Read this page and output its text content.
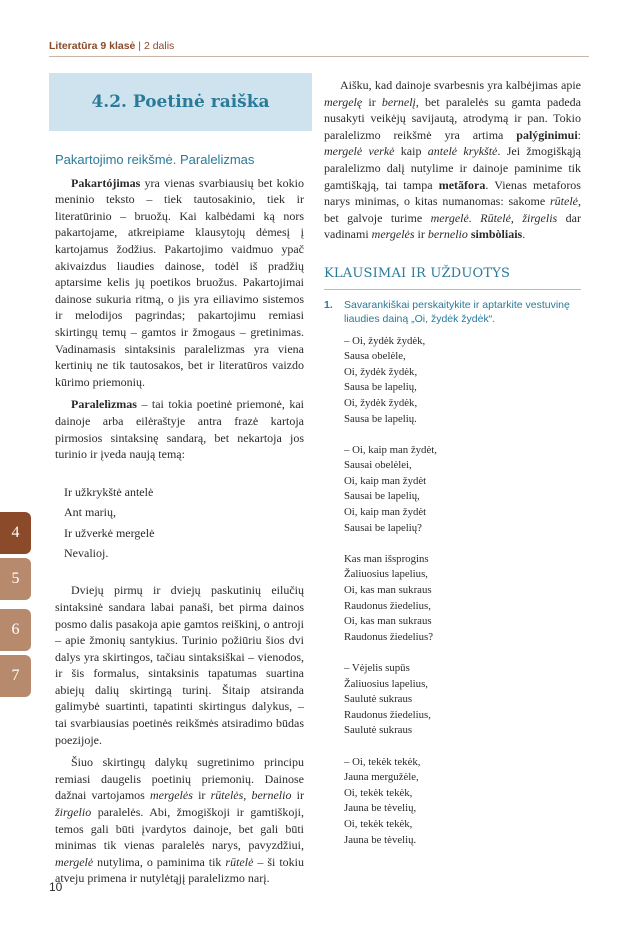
Literatūra 9 klasė | 2 dalis
4.2. Poetinė raiška

Pakartojimo reikšmė. Paralelizmas

Pakartójimas yra vienas svarbiausių bet kokio meninio teksto – tiek tautosakinio, tiek ir literatūrinio – bruožų. Kai kalbėdami ką nors pakartojame, atkreipiame klausytojų dėmesį į kartojamus žodžius. Pakartojimo vaidmuo ypač akivaizdus liaudies dainose, todėl iš pradžių aptarsime kelis jų poetikos bruožus. Pakartojimai dainose sukuria ritmą, o jis yra eiliavimo sistemos ir melodijos pagrindas; pakartojimu remiasi skirtingų temų – gamtos ir žmogaus – gretinimas. Vadinamasis sintaksinis paralelizmas yra viena kertinių ne tik tautosakos, bet ir literatūros vaizdo kūrimo priemonių.

Paralelìzmas – tai tokia poetinė priemonė, kai dainoje arba eilėraštyje antra frazė kartoja pirmosios sintaksinę sandarą, bet nekartoja jos turinio ir įveda naują temą:

Ir užkrykštė antelė
Ant marių,
Ir užverkė mergelė
Nevalioj.

Dviejų pirmų ir dviejų paskutinių eilučių sintaksinė sandara labai panaši, bet pirma dainos posmo dalis pasakoja apie gamtos reiškinį, o antroji – apie žmonių santykius. Turinio požiūriu šios dvi dalys yra skirtingos, tačiau sintaksiškai – vienodos, ir šis formalus, sintaksinis tapatumas suartina abiejų dalių skirtingą turinį. Šitaip atsiranda galimybė suartinti, tapatinti skirtingus dalykus, – tai svarbiausias poetinės reikšmės atsiradimo būdas poezijoje.

Šiuo skirtingų dalykų sugretinimo principu remiasi daugelis poetinių priemonių. Dainose dažnai vartojamos mergelės ir rūtelės, bernelio ir žirgelio paralelės. Abi, žmogiškoji ir gamtiškoji, temos gali būti įvardytos dainoje, bet gali būti minimas tik vienas paralelės narys, pavyzdžiui, mergelė nutylima, o paminima tik rūtelė – ši tokiu atveju primena ir nutylėtąjį paralelizmo narį.

Aišku, kad dainoje svarbesnis yra kalbėjimas apie mergelę ir bernelį, bet paralelės su gamta padeda nusakyti veikėjų savijautą, atrodymą ir pan. Tokio paralelizmo reikšmė yra artima palýginimui: mergelė verkė kaip antelė krykštė. Jei žmogiškąją paralelizmo dalį nutylime ir dainoje paminime tik gamtiškąją, tai tampa metãfora. Vienas metaforos narys minimas, o kitas numanomas: sakome rūtelė, bet galvoje turime mergelė. Rūtelė, žirgelis dar vadinami mergelės ir bernelio simbòliais.

KLAUSIMAI IR UŽDUOTYS

1.	Savarankiškai perskaitykite ir aptarkite vestuvinę liaudies dainą „Oi, žydėk žydėk“.
– Oi, žydėk žydėk,
Sausa obelėle,
Oi, žydėk žydėk,
Sausa be lapelių,
Oi, žydėk žydėk,
Sausa be lapelių.
– Oi, kaip man žydėt,
Sausai obelėlei,
Oi, kaip man žydėt
Sausai be lapelių,
Oi, kaip man žydėt
Sausai be lapelių?
Kas man išsprogins
Žaliuosius lapelius,
Oi, kas man sukraus
Raudonus žiedelius,
Oi, kas man sukraus
Raudonus žiedelius?
– Vėjelis supūs
Žaliuosius lapelius,
Saulutė sukraus
Raudonus žiedelius,
Saulutė sukraus
– Oi, tekėk tekėk,
Jauna mergužėle,
Oi, tekėk tekėk,
Jauna be tėvelių,
Oi, tekėk tekėk,
Jauna be tėvelių.
4
5
6
7
10
